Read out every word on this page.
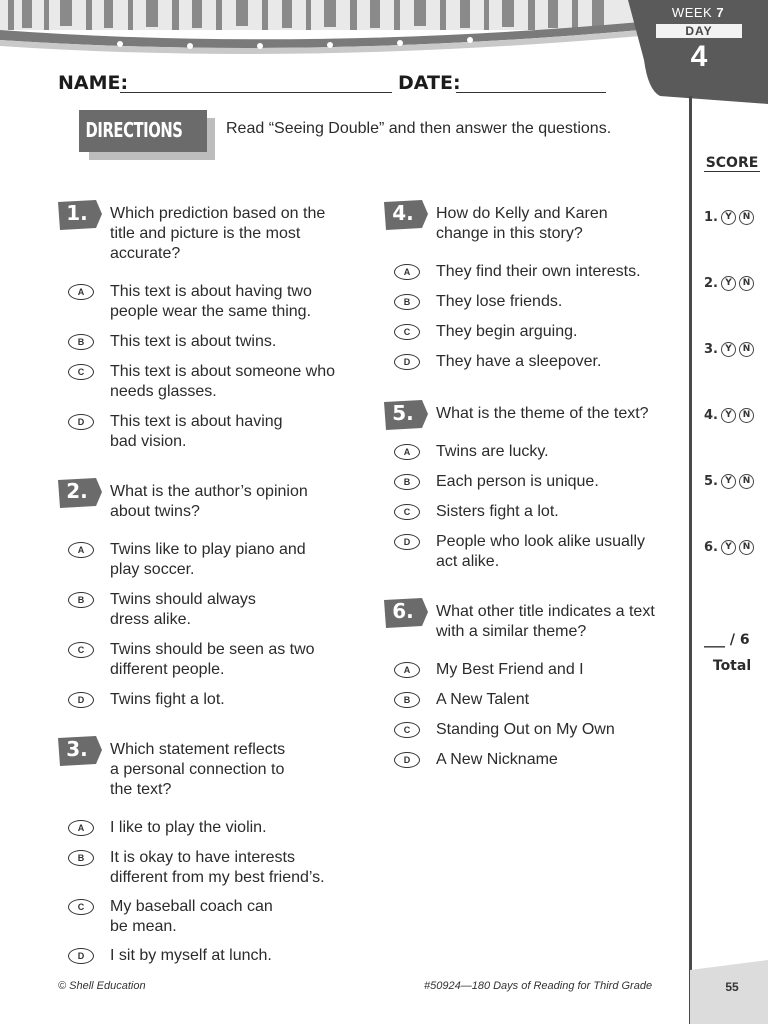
WEEK 7
DAY
4
NAME:	DATE:
DIRECTIONS	Read “Seeing Double” and then answer the questions.
SCORE
1. Y	N
2. Y	N
3. Y	N
4. Y	N
5. Y	N
6. Y	N
___ / 6
Total
1.	Which prediction based on the
title and picture is the most
accurate?
A	This text is about having two
people wear the same thing.
B	This text is about twins.
C	This text is about someone who
needs glasses.
D	This text is about having
bad vision.
2.	What is the author’s opinion
about twins?
A	Twins like to play piano and
play soccer.
B	Twins should always
dress alike.
C	Twins should be seen as two
different people.
D	Twins fight a lot.
3.	Which statement reflects
a personal connection to
the text?
A	I like to play the violin.
B	It is okay to have interests
different from my best friend’s.
C	My baseball coach can
be mean.
D	I sit by myself at lunch.
4.	How do Kelly and Karen
change in this story?
A	They find their own interests.
B	They lose friends.
C	They begin arguing.
D	They have a sleepover.
5.	What is the theme of the text?
A	Twins are lucky.
B	Each person is unique.
C	Sisters fight a lot.
D	People who look alike usually
act alike.
6.	What other title indicates a text
with a similar theme?
A	My Best Friend and I
B	A New Talent
C	Standing Out on My Own
D	A New Nickname
© Shell Education	#50924—180 Days of Reading for Third Grade	55
